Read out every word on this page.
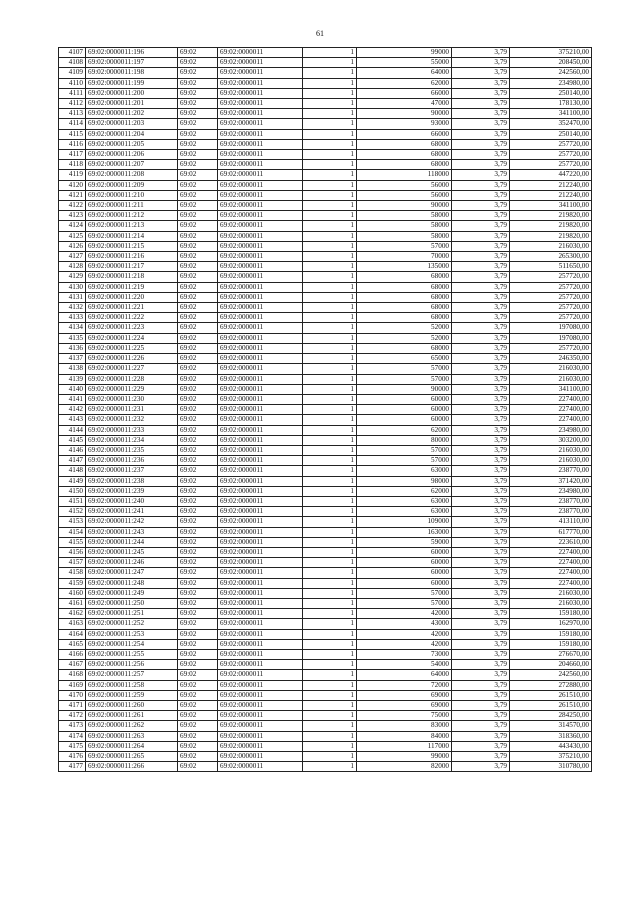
61
4107	69:02:0000011:196	69:02	69:02:0000011	1	99000	3,79	375210,00
4108	69:02:0000011:197	69:02	69:02:0000011	1	55000	3,79	208450,00
4109	69:02:0000011:198	69:02	69:02:0000011	1	64000	3,79	242560,00
4110	69:02:0000011:199	69:02	69:02:0000011	1	62000	3,79	234980,00
4111	69:02:0000011:200	69:02	69:02:0000011	1	66000	3,79	250140,00
4112	69:02:0000011:201	69:02	69:02:0000011	1	47000	3,79	178130,00
4113	69:02:0000011:202	69:02	69:02:0000011	1	90000	3,79	341100,00
4114	69:02:0000011:203	69:02	69:02:0000011	1	93000	3,79	352470,00
4115	69:02:0000011:204	69:02	69:02:0000011	1	66000	3,79	250140,00
4116	69:02:0000011:205	69:02	69:02:0000011	1	68000	3,79	257720,00
4117	69:02:0000011:206	69:02	69:02:0000011	1	68000	3,79	257720,00
4118	69:02:0000011:207	69:02	69:02:0000011	1	68000	3,79	257720,00
4119	69:02:0000011:208	69:02	69:02:0000011	1	118000	3,79	447220,00
4120	69:02:0000011:209	69:02	69:02:0000011	1	56000	3,79	212240,00
4121	69:02:0000011:210	69:02	69:02:0000011	1	56000	3,79	212240,00
4122	69:02:0000011:211	69:02	69:02:0000011	1	90000	3,79	341100,00
4123	69:02:0000011:212	69:02	69:02:0000011	1	58000	3,79	219820,00
4124	69:02:0000011:213	69:02	69:02:0000011	1	58000	3,79	219820,00
4125	69:02:0000011:214	69:02	69:02:0000011	1	58000	3,79	219820,00
4126	69:02:0000011:215	69:02	69:02:0000011	1	57000	3,79	216030,00
4127	69:02:0000011:216	69:02	69:02:0000011	1	70000	3,79	265300,00
4128	69:02:0000011:217	69:02	69:02:0000011	1	135000	3,79	511650,00
4129	69:02:0000011:218	69:02	69:02:0000011	1	68000	3,79	257720,00
4130	69:02:0000011:219	69:02	69:02:0000011	1	68000	3,79	257720,00
4131	69:02:0000011:220	69:02	69:02:0000011	1	68000	3,79	257720,00
4132	69:02:0000011:221	69:02	69:02:0000011	1	68000	3,79	257720,00
4133	69:02:0000011:222	69:02	69:02:0000011	1	68000	3,79	257720,00
4134	69:02:0000011:223	69:02	69:02:0000011	1	52000	3,79	197080,00
4135	69:02:0000011:224	69:02	69:02:0000011	1	52000	3,79	197080,00
4136	69:02:0000011:225	69:02	69:02:0000011	1	68000	3,79	257720,00
4137	69:02:0000011:226	69:02	69:02:0000011	1	65000	3,79	246350,00
4138	69:02:0000011:227	69:02	69:02:0000011	1	57000	3,79	216030,00
4139	69:02:0000011:228	69:02	69:02:0000011	1	57000	3,79	216030,00
4140	69:02:0000011:229	69:02	69:02:0000011	1	90000	3,79	341100,00
4141	69:02:0000011:230	69:02	69:02:0000011	1	60000	3,79	227400,00
4142	69:02:0000011:231	69:02	69:02:0000011	1	60000	3,79	227400,00
4143	69:02:0000011:232	69:02	69:02:0000011	1	60000	3,79	227400,00
4144	69:02:0000011:233	69:02	69:02:0000011	1	62000	3,79	234980,00
4145	69:02:0000011:234	69:02	69:02:0000011	1	80000	3,79	303200,00
4146	69:02:0000011:235	69:02	69:02:0000011	1	57000	3,79	216030,00
4147	69:02:0000011:236	69:02	69:02:0000011	1	57000	3,79	216030,00
4148	69:02:0000011:237	69:02	69:02:0000011	1	63000	3,79	238770,00
4149	69:02:0000011:238	69:02	69:02:0000011	1	98000	3,79	371420,00
4150	69:02:0000011:239	69:02	69:02:0000011	1	62000	3,79	234980,00
4151	69:02:0000011:240	69:02	69:02:0000011	1	63000	3,79	238770,00
4152	69:02:0000011:241	69:02	69:02:0000011	1	63000	3,79	238770,00
4153	69:02:0000011:242	69:02	69:02:0000011	1	109000	3,79	413110,00
4154	69:02:0000011:243	69:02	69:02:0000011	1	163000	3,79	617770,00
4155	69:02:0000011:244	69:02	69:02:0000011	1	59000	3,79	223610,00
4156	69:02:0000011:245	69:02	69:02:0000011	1	60000	3,79	227400,00
4157	69:02:0000011:246	69:02	69:02:0000011	1	60000	3,79	227400,00
4158	69:02:0000011:247	69:02	69:02:0000011	1	60000	3,79	227400,00
4159	69:02:0000011:248	69:02	69:02:0000011	1	60000	3,79	227400,00
4160	69:02:0000011:249	69:02	69:02:0000011	1	57000	3,79	216030,00
4161	69:02:0000011:250	69:02	69:02:0000011	1	57000	3,79	216030,00
4162	69:02:0000011:251	69:02	69:02:0000011	1	42000	3,79	159180,00
4163	69:02:0000011:252	69:02	69:02:0000011	1	43000	3,79	162970,00
4164	69:02:0000011:253	69:02	69:02:0000011	1	42000	3,79	159180,00
4165	69:02:0000011:254	69:02	69:02:0000011	1	42000	3,79	159180,00
4166	69:02:0000011:255	69:02	69:02:0000011	1	73000	3,79	276670,00
4167	69:02:0000011:256	69:02	69:02:0000011	1	54000	3,79	204660,00
4168	69:02:0000011:257	69:02	69:02:0000011	1	64000	3,79	242560,00
4169	69:02:0000011:258	69:02	69:02:0000011	1	72000	3,79	272880,00
4170	69:02:0000011:259	69:02	69:02:0000011	1	69000	3,79	261510,00
4171	69:02:0000011:260	69:02	69:02:0000011	1	69000	3,79	261510,00
4172	69:02:0000011:261	69:02	69:02:0000011	1	75000	3,79	284250,00
4173	69:02:0000011:262	69:02	69:02:0000011	1	83000	3,79	314570,00
4174	69:02:0000011:263	69:02	69:02:0000011	1	84000	3,79	318360,00
4175	69:02:0000011:264	69:02	69:02:0000011	1	117000	3,79	443430,00
4176	69:02:0000011:265	69:02	69:02:0000011	1	99000	3,79	375210,00
4177	69:02:0000011:266	69:02	69:02:0000011	1	82000	3,79	310780,00
